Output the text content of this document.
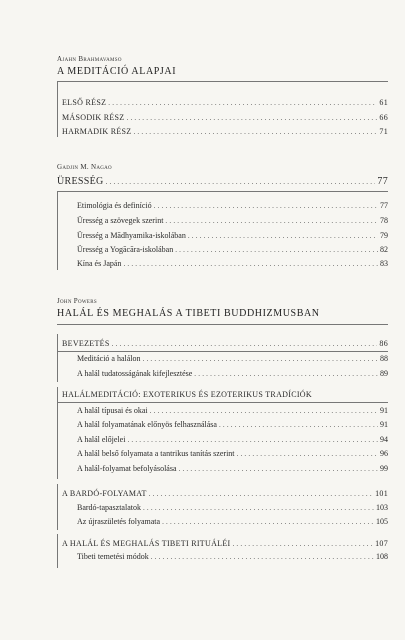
Ajahn Brahmavamso
A MEDITÁCIÓ ALAPJAI
ELSŐ RÉSZ .....	61
MÁSODIK RÉSZ .....	66
HARMADIK RÉSZ .....	71
Gadjin M. Nagao
ÜRESSÉG .....	77
Etimológia és definíció .....	77
Üresség a szövegek szerint .....	78
Üresség a Mādhyamika-iskolában .....	79
Üresség a Yogācāra-iskolában .....	82
Kína és Japán .....	83
John Powers
HALÁL ÉS MEGHALÁS A TIBETI BUDDHIZMUSBAN
BEVEZETÉS .....	86
Meditáció a halálon .....	88
A halál tudatosságának kifejlesztése .....	89
HALÁLMEDITÁCIÓ: EXOTERIKUS ÉS EZOTERIKUS TRADÍCIÓK
A halál típusai és okai .....	91
A halál folyamatának előnyös felhasználása .....	91
A halál előjelei .....	94
A halál belső folyamata a tantrikus tanítás szerint .....	96
A halál-folyamat befolyásolása .....	99
A BARDÓ-FOLYAMAT .....	101
Bardó-tapasztalatok .....	103
Az újraszületés folyamata .....	105
A HALÁL ÉS MEGHALÁS TIBETI RITUÁLÉI .....	107
Tibeti temetési módok .....	108
